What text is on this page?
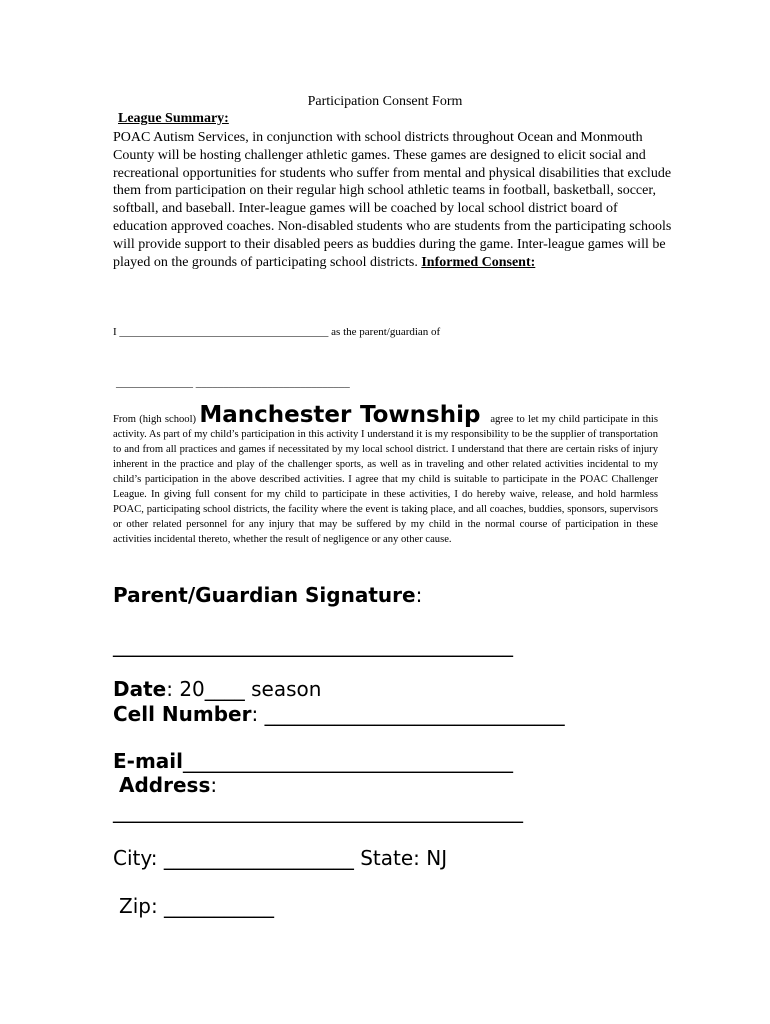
Participation Consent Form
League Summary:
POAC Autism Services, in conjunction with school districts throughout Ocean and Monmouth County will be hosting challenger athletic games. These games are designed to elicit social and recreational opportunities for students who suffer from mental and physical disabilities that exclude them from participation on their regular high school athletic teams in football, basketball, soccer, softball, and baseball. Inter-league games will be coached by local school district board of education approved coaches. Non-disabled students who are students from the participating schools will provide support to their disabled peers as buddies during the game. Inter-league games will be played on the grounds of participating school districts. Informed Consent:
I ______________________________________ as the parent/guardian of
______________ ____________________________
From (high school) Manchester Township agree to let my child participate in this activity. As part of my child’s participation in this activity I understand it is my responsibility to be the supplier of transportation to and from all practices and games if necessitated by my local school district. I understand that there are certain risks of injury inherent in the practice and play of the challenger sports, as well as in traveling and other related activities incidental to my child’s participation in the above described activities. I agree that my child is suitable to participate in the POAC Challenger League. In giving full consent for my child to participate in these activities, I do hereby waive, release, and hold harmless POAC, participating school districts, the facility where the event is taking place, and all coaches, buddies, sponsors, supervisors or other related personnel for any injury that may be suffered by my child in the normal course of participation in these activities incidental thereto, whether the result of negligence or any other cause.
Parent/Guardian Signature:
________________________________________
Date: 20____ season
Cell Number: ______________________________
E-mail_________________________________
Address:
_________________________________________
City: ___________________ State: NJ
Zip: ___________
